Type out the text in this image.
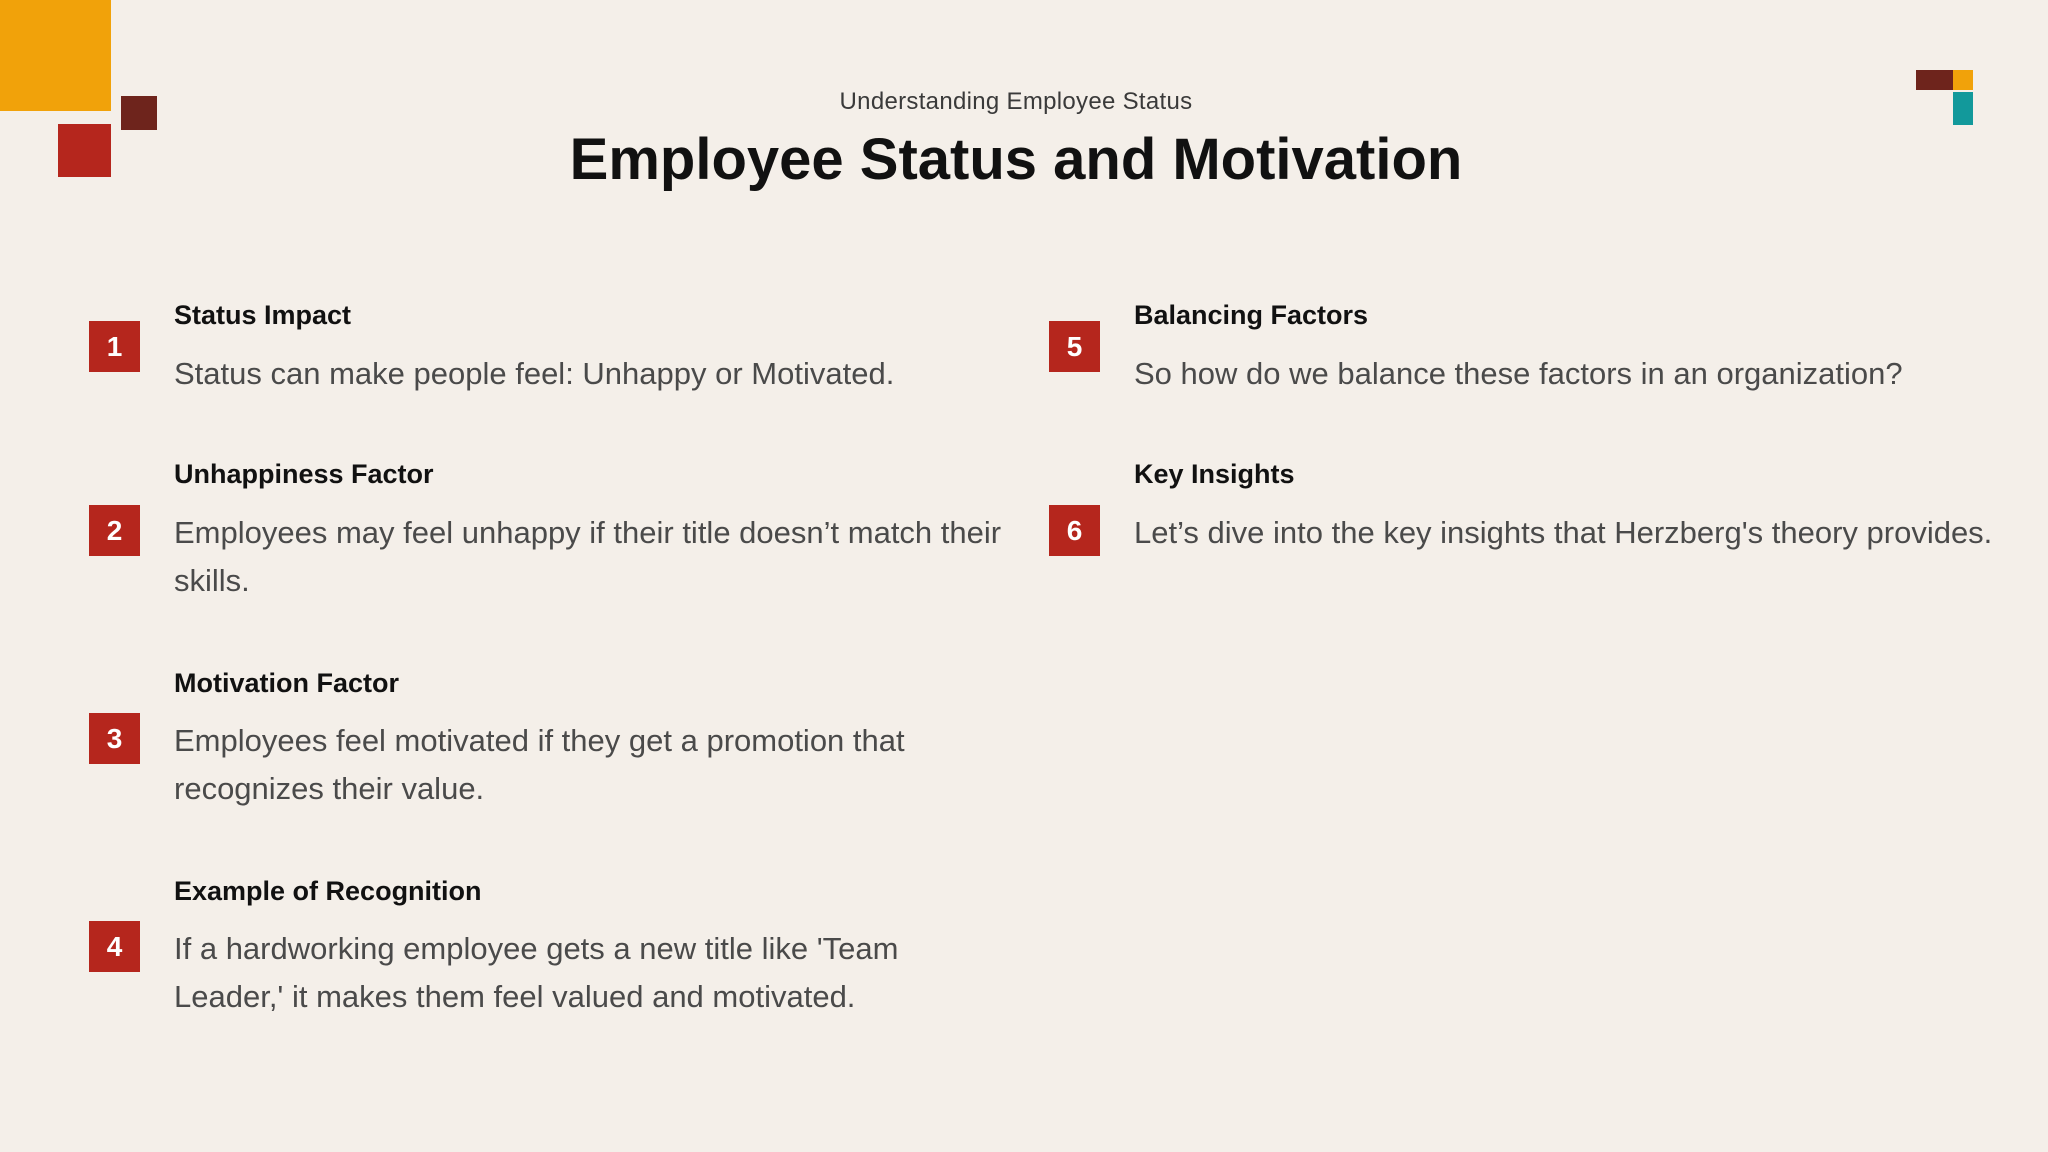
Understanding Employee Status
Employee Status and Motivation
1
Status Impact
Status can make people feel: Unhappy or Motivated.
2
Unhappiness Factor
Employees may feel unhappy if their title doesn’t match their skills.
3
Motivation Factor
Employees feel motivated if they get a promotion that recognizes their value.
4
Example of Recognition
If a hardworking employee gets a new title like 'Team Leader,' it makes them feel valued and motivated.
5
Balancing Factors
So how do we balance these factors in an organization?
6
Key Insights
Let’s dive into the key insights that Herzberg's theory provides.
